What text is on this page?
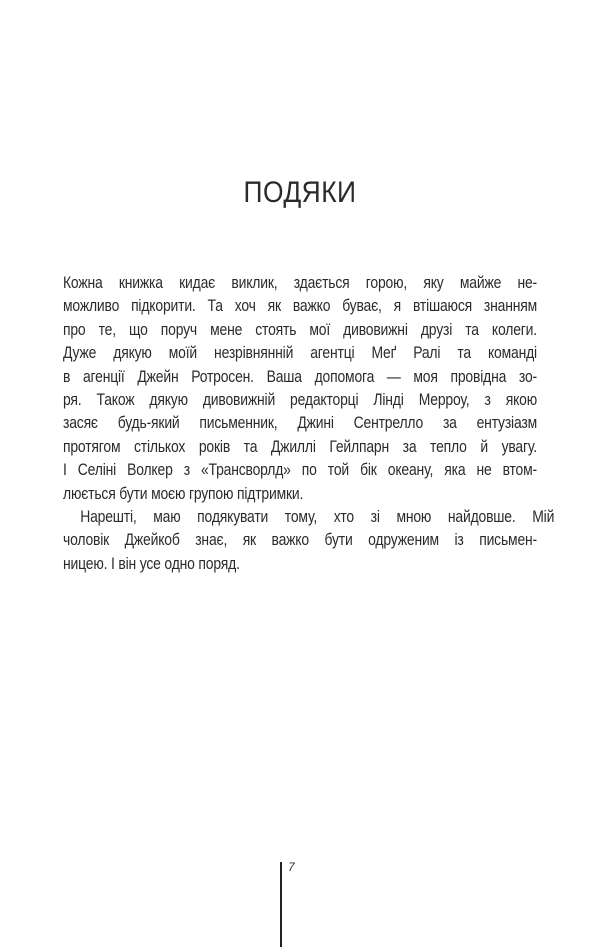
ПОДЯКИ
Кожна книжка кидає виклик, здається горою, яку майже не-
можливо підкорити. Та хоч як важко буває, я втішаюся знанням
про те, що поруч мене стоять мої дивовижні друзі та колеги.
Дуже дякую моїй незрівнянній агентці Меґ Ралі та команді
в агенції Джейн Ротросен. Ваша допомога — моя провідна зо-
ря. Також дякую дивовижній редакторці Лінді Мерроу, з якою
засяє будь-який письменник, Джині Сентрелло за ентузіазм
протягом стількох років та Джиллі Гейлпарн за тепло й увагу.
І Селіні Волкер з «Трансворлд» по той бік океану, яка не втом-
люється бути моєю групою підтримки.
Нарешті, маю подякувати тому, хто зі мною найдовше. Мій
чоловік Джейкоб знає, як важко бути одруженим із письмен-
ницею. І він усе одно поряд.
7
